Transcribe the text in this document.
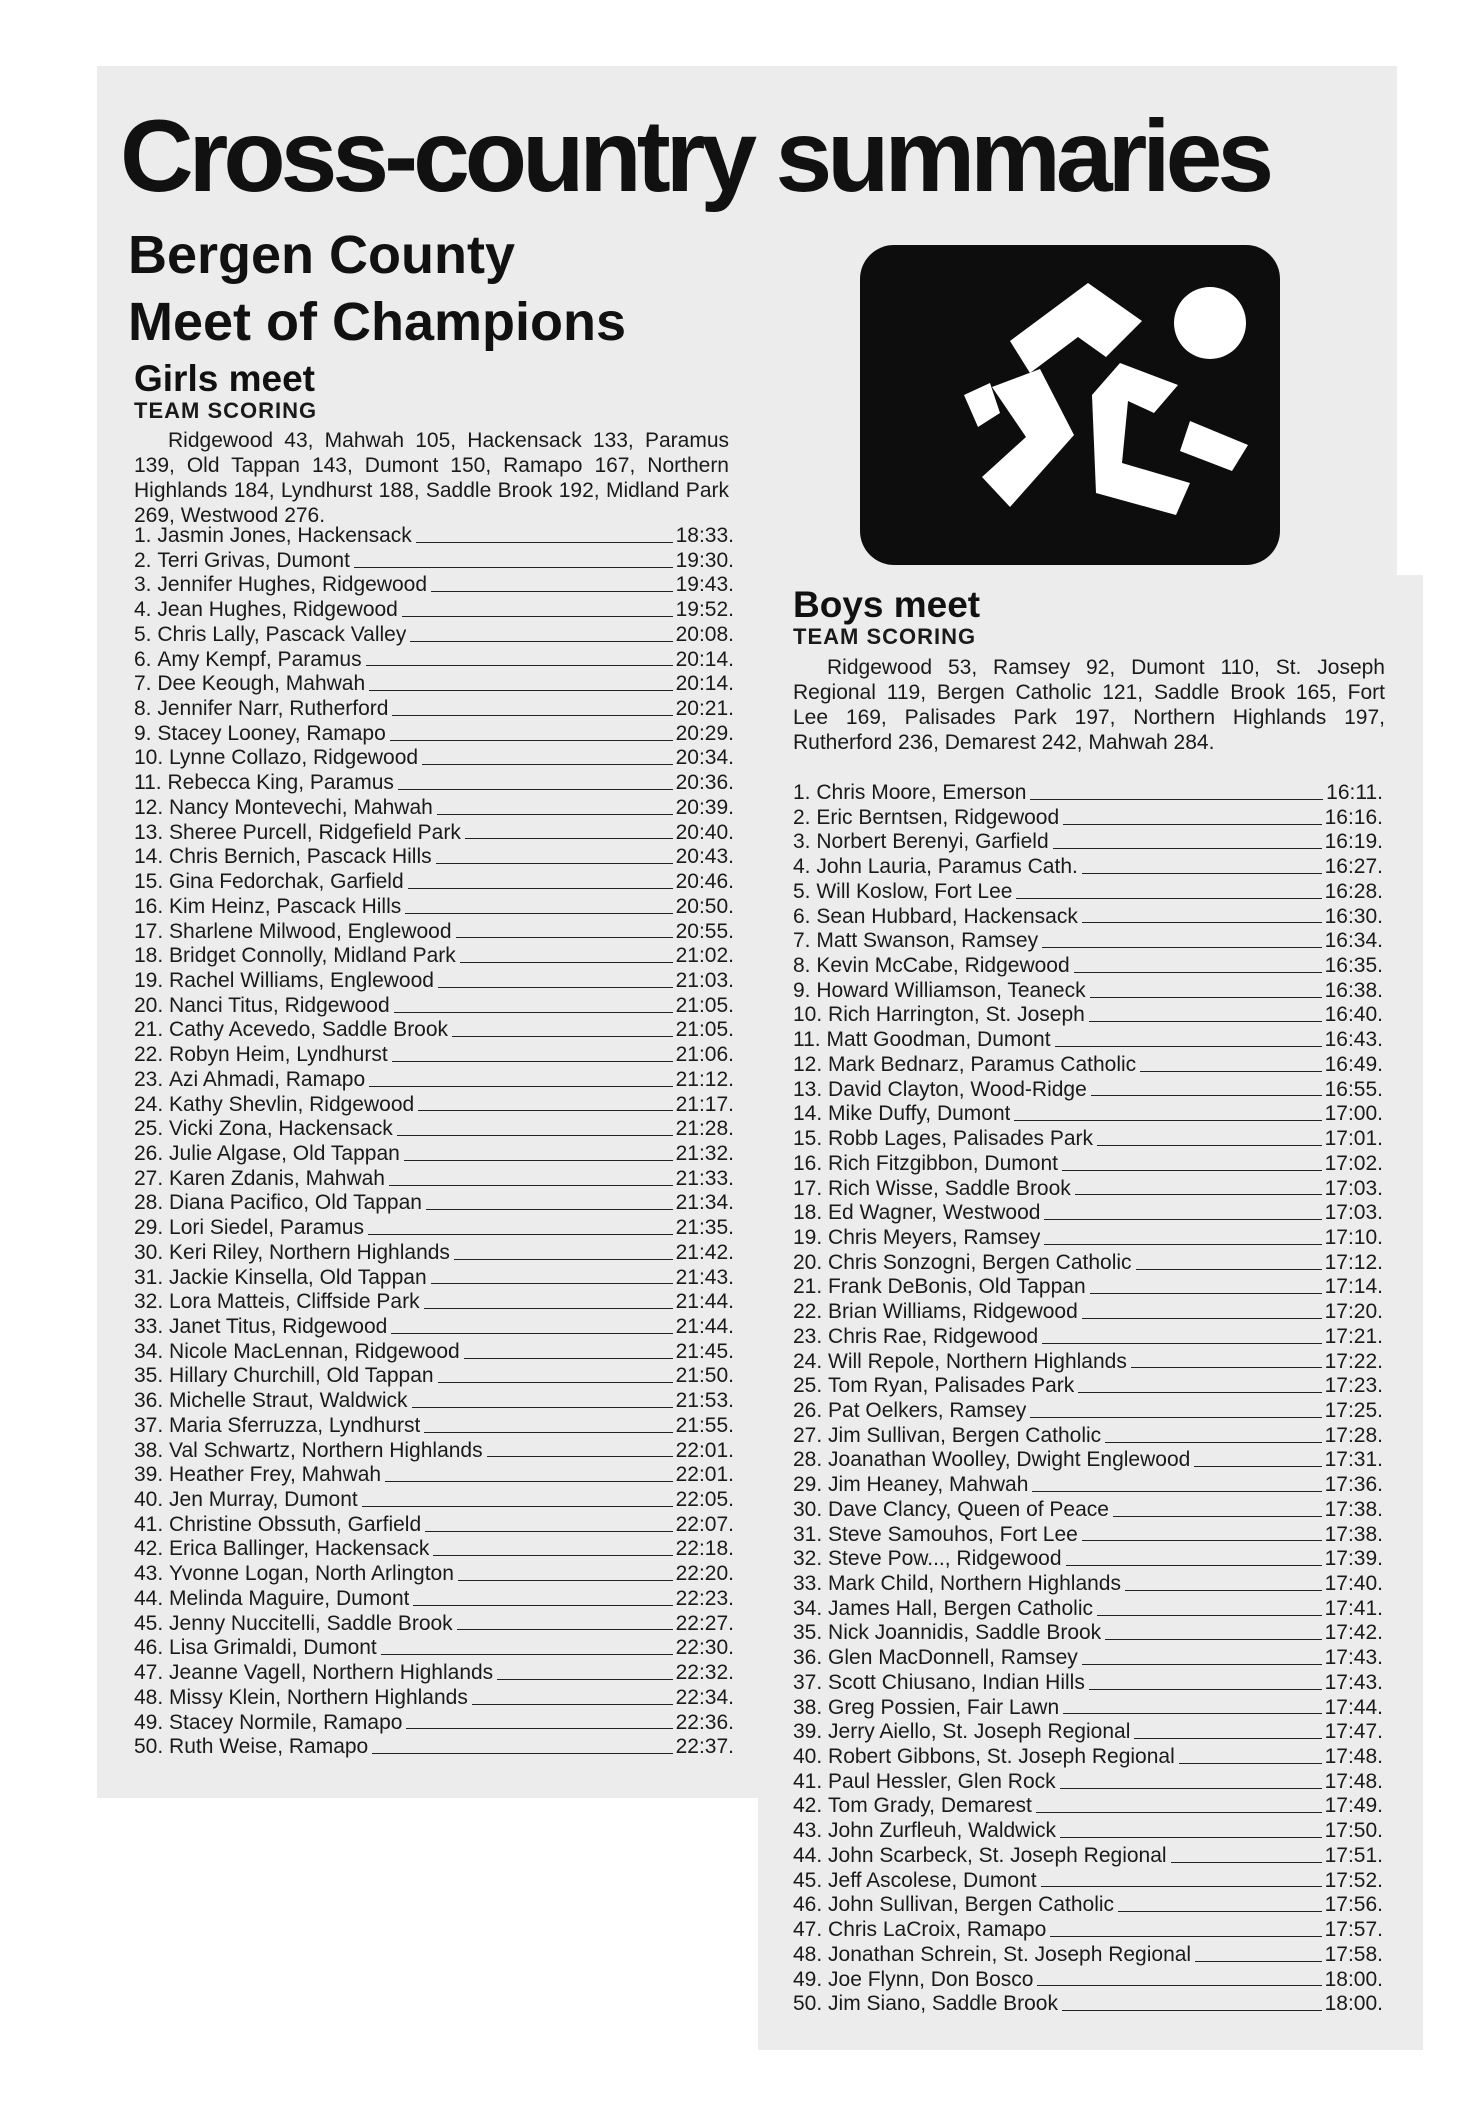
Cross-country summaries
Bergen County
Meet of Champions
Girls meet
TEAM SCORING

Ridgewood 43, Mahwah 105, Hackensack 133, Paramus 139, Old Tappan 143, Dumont 150, Ramapo 167, Northern Highlands 184, Lyndhurst 188, Saddle Brook 192, Midland Park 269, Westwood 276.

1. Jasmin Jones, Hackensack	18:33.
2. Terri Grivas, Dumont	19:30.
3. Jennifer Hughes, Ridgewood	19:43.
4. Jean Hughes, Ridgewood	19:52.
5. Chris Lally, Pascack Valley	20:08.
6. Amy Kempf, Paramus	20:14.
7. Dee Keough, Mahwah	20:14.
8. Jennifer Narr, Rutherford	20:21.
9. Stacey Looney, Ramapo	20:29.
10. Lynne Collazo, Ridgewood	20:34.
11. Rebecca King, Paramus	20:36.
12. Nancy Montevechi, Mahwah	20:39.
13. Sheree Purcell, Ridgefield Park	20:40.
14. Chris Bernich, Pascack Hills	20:43.
15. Gina Fedorchak, Garfield	20:46.
16. Kim Heinz, Pascack Hills	20:50.
17. Sharlene Milwood, Englewood	20:55.
18. Bridget Connolly, Midland Park	21:02.
19. Rachel Williams, Englewood	21:03.
20. Nanci Titus, Ridgewood	21:05.
21. Cathy Acevedo, Saddle Brook	21:05.
22. Robyn Heim, Lyndhurst	21:06.
23. Azi Ahmadi, Ramapo	21:12.
24. Kathy Shevlin, Ridgewood	21:17.
25. Vicki Zona, Hackensack	21:28.
26. Julie Algase, Old Tappan	21:32.
27. Karen Zdanis, Mahwah	21:33.
28. Diana Pacifico, Old Tappan	21:34.
29. Lori Siedel, Paramus	21:35.
30. Keri Riley, Northern Highlands	21:42.
31. Jackie Kinsella, Old Tappan	21:43.
32. Lora Matteis, Cliffside Park	21:44.
33. Janet Titus, Ridgewood	21:44.
34. Nicole MacLennan, Ridgewood	21:45.
35. Hillary Churchill, Old Tappan	21:50.
36. Michelle Straut, Waldwick	21:53.
37. Maria Sferruzza, Lyndhurst	21:55.
38. Val Schwartz, Northern Highlands	22:01.
39. Heather Frey, Mahwah	22:01.
40. Jen Murray, Dumont	22:05.
41. Christine Obssuth, Garfield	22:07.
42. Erica Ballinger, Hackensack	22:18.
43. Yvonne Logan, North Arlington	22:20.
44. Melinda Maguire, Dumont	22:23.
45. Jenny Nuccitelli, Saddle Brook	22:27.
46. Lisa Grimaldi, Dumont	22:30.
47. Jeanne Vagell, Northern Highlands	22:32.
48. Missy Klein, Northern Highlands	22:34.
49. Stacey Normile, Ramapo	22:36.
50. Ruth Weise, Ramapo	22:37.
Boys meet
TEAM SCORING

Ridgewood 53, Ramsey 92, Dumont 110, St. Joseph Regional 119, Bergen Catholic 121, Saddle Brook 165, Fort Lee 169, Palisades Park 197, Northern Highlands 197, Rutherford 236, Demarest 242, Mahwah 284.

1. Chris Moore, Emerson	16:11.
2. Eric Berntsen, Ridgewood	16:16.
3. Norbert Berenyi, Garfield	16:19.
4. John Lauria, Paramus Cath.	16:27.
5. Will Koslow, Fort Lee	16:28.
6. Sean Hubbard, Hackensack	16:30.
7. Matt Swanson, Ramsey	16:34.
8. Kevin McCabe, Ridgewood	16:35.
9. Howard Williamson, Teaneck	16:38.
10. Rich Harrington, St. Joseph	16:40.
11. Matt Goodman, Dumont	16:43.
12. Mark Bednarz, Paramus Catholic	16:49.
13. David Clayton, Wood-Ridge	16:55.
14. Mike Duffy, Dumont	17:00.
15. Robb Lages, Palisades Park	17:01.
16. Rich Fitzgibbon, Dumont	17:02.
17. Rich Wisse, Saddle Brook	17:03.
18. Ed Wagner, Westwood	17:03.
19. Chris Meyers, Ramsey	17:10.
20. Chris Sonzogni, Bergen Catholic	17:12.
21. Frank DeBonis, Old Tappan	17:14.
22. Brian Williams, Ridgewood	17:20.
23. Chris Rae, Ridgewood	17:21.
24. Will Repole, Northern Highlands	17:22.
25. Tom Ryan, Palisades Park	17:23.
26. Pat Oelkers, Ramsey	17:25.
27. Jim Sullivan, Bergen Catholic	17:28.
28. Joanathan Woolley, Dwight Englewood	17:31.
29. Jim Heaney, Mahwah	17:36.
30. Dave Clancy, Queen of Peace	17:38.
31. Steve Samouhos, Fort Lee	17:38.
32. Steve Pow..., Ridgewood	17:39.
33. Mark Child, Northern Highlands	17:40.
34. James Hall, Bergen Catholic	17:41.
35. Nick Joannidis, Saddle Brook	17:42.
36. Glen MacDonnell, Ramsey	17:43.
37. Scott Chiusano, Indian Hills	17:43.
38. Greg Possien, Fair Lawn	17:44.
39. Jerry Aiello, St. Joseph Regional	17:47.
40. Robert Gibbons, St. Joseph Regional	17:48.
41. Paul Hessler, Glen Rock	17:48.
42. Tom Grady, Demarest	17:49.
43. John Zurfleuh, Waldwick	17:50.
44. John Scarbeck, St. Joseph Regional	17:51.
45. Jeff Ascolese, Dumont	17:52.
46. John Sullivan, Bergen Catholic	17:56.
47. Chris LaCroix, Ramapo	17:57.
48. Jonathan Schrein, St. Joseph Regional	17:58.
49. Joe Flynn, Don Bosco	18:00.
50. Jim Siano, Saddle Brook	18:00.
